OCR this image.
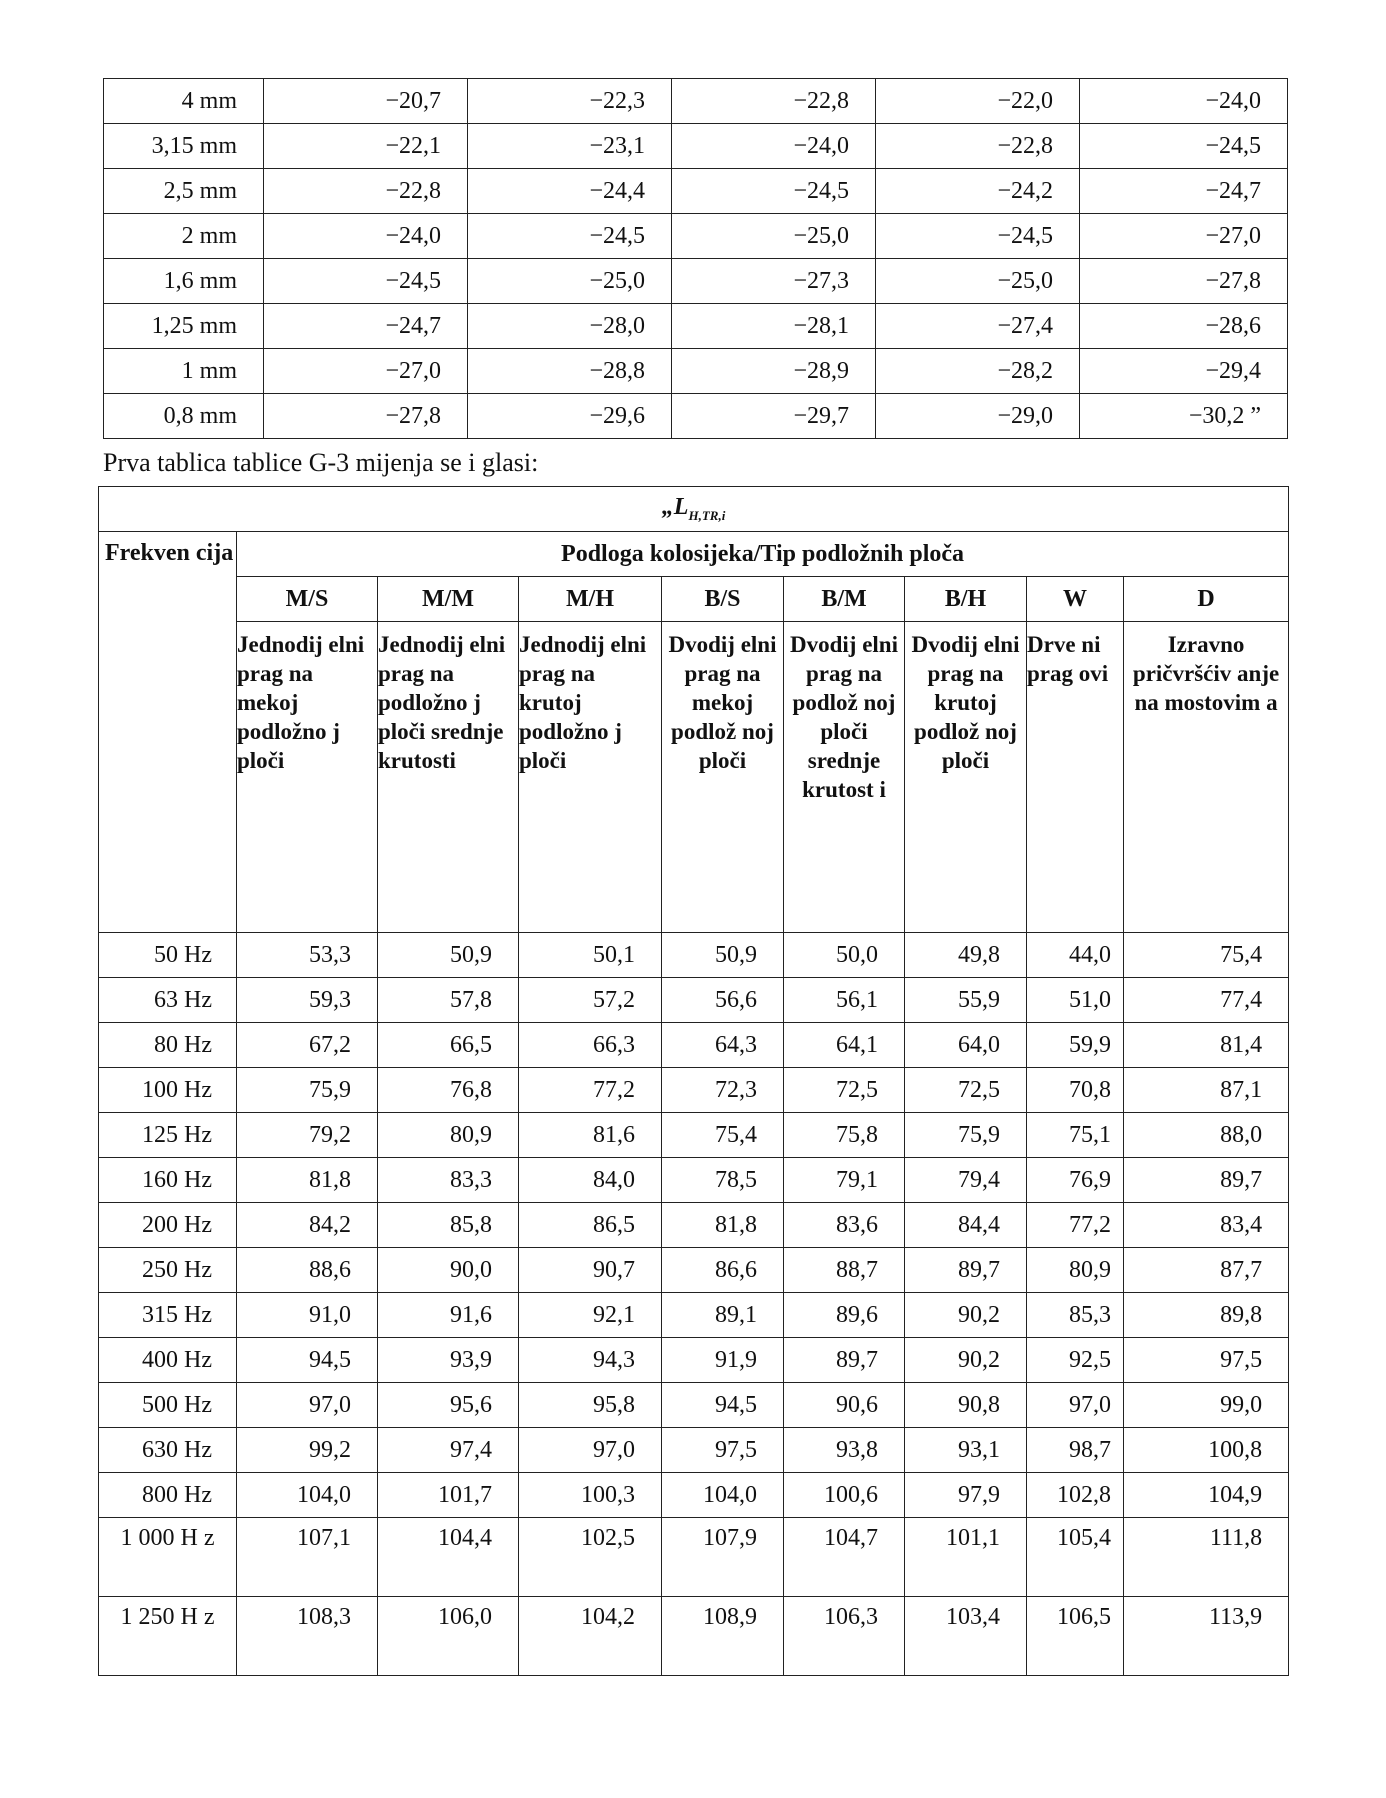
4 mm	−20,7	−22,3	−22,8	−22,0	−24,0
3,15 mm	−22,1	−23,1	−24,0	−22,8	−24,5
2,5 mm	−22,8	−24,4	−24,5	−24,2	−24,7
2 mm	−24,0	−24,5	−25,0	−24,5	−27,0
1,6 mm	−24,5	−25,0	−27,3	−25,0	−27,8
1,25 mm	−24,7	−28,0	−28,1	−27,4	−28,6
1 mm	−27,0	−28,8	−28,9	−28,2	−29,4
0,8 mm	−27,8	−29,6	−29,7	−29,0	−30,2 ”

Prva tablica tablice G-3 mijenja se i glasi:

$„L_{H,TR,i}$
Frekven cija	Podloga kolosijeka/Tip podložnih ploča							
	M/S	M/M	M/H	B/S	B/M	B/H	W	D
	Jednodij elni prag na mekoj podložno j ploči	Jednodij elni prag na podložno j ploči srednje krutosti	Jednodij elni prag na krutoj podložno j ploči	Dvodij elni prag na mekoj podlož noj ploči	Dvodij elni prag na podlož noj ploči srednje krutost i	Dvodij elni prag na krutoj podlož noj ploči	Drve ni prag ovi	Izravno pričvršćiv anje na mostovim a
50 Hz	53,3	50,9	50,1	50,9	50,0	49,8	44,0	75,4
63 Hz	59,3	57,8	57,2	56,6	56,1	55,9	51,0	77,4
80 Hz	67,2	66,5	66,3	64,3	64,1	64,0	59,9	81,4
100 Hz	75,9	76,8	77,2	72,3	72,5	72,5	70,8	87,1
125 Hz	79,2	80,9	81,6	75,4	75,8	75,9	75,1	88,0
160 Hz	81,8	83,3	84,0	78,5	79,1	79,4	76,9	89,7
200 Hz	84,2	85,8	86,5	81,8	83,6	84,4	77,2	83,4
250 Hz	88,6	90,0	90,7	86,6	88,7	89,7	80,9	87,7
315 Hz	91,0	91,6	92,1	89,1	89,6	90,2	85,3	89,8
400 Hz	94,5	93,9	94,3	91,9	89,7	90,2	92,5	97,5
500 Hz	97,0	95,6	95,8	94,5	90,6	90,8	97,0	99,0
630 Hz	99,2	97,4	97,0	97,5	93,8	93,1	98,7	100,8
800 Hz	104,0	101,7	100,3	104,0	100,6	97,9	102,8	104,9
1 000 H z	107,1	104,4	102,5	107,9	104,7	101,1	105,4	111,8
1 250 H z	108,3	106,0	104,2	108,9	106,3	103,4	106,5	113,9
